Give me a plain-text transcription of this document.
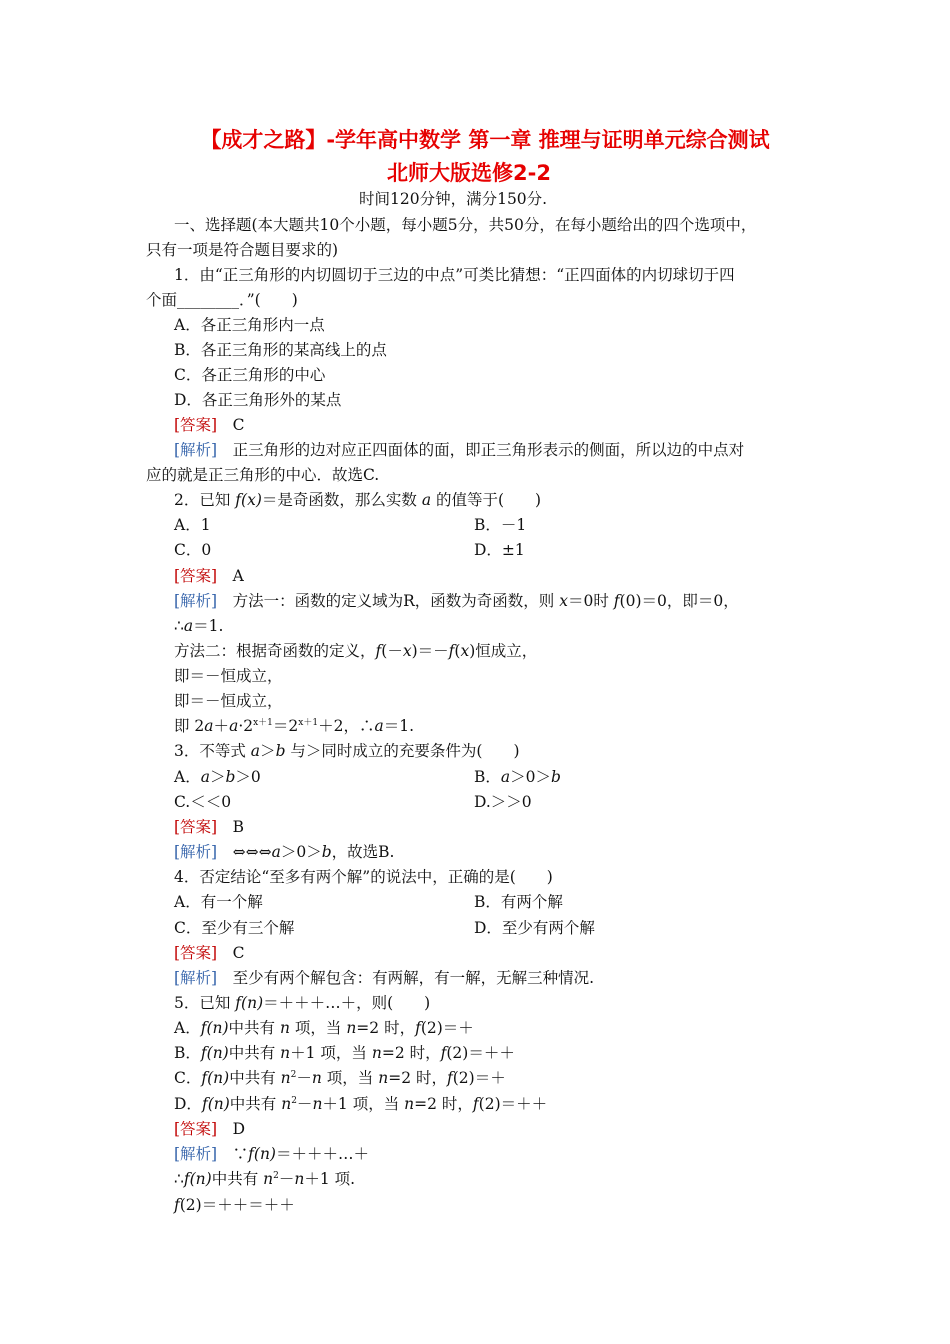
【成才之路】-学年高中数学 第一章 推理与证明单元综合测试
北师大版选修2-2
时间120分钟，满分150分.
一、选择题(本大题共10个小题，每小题5分，共50分，在每小题给出的四个选项中，
只有一项是符合题目要求的)
1．由“正三角形的内切圆切于三边的中点”可类比猜想：“正四面体的内切球切于四
个面________．”(　　)
A．各正三角形内一点
B．各正三角形的某高线上的点
C．各正三角形的中心
D．各正三角形外的某点
[答案]　 C
[解析]　 正三角形的边对应正四面体的面，即正三角形表示的侧面，所以边的中点对
应的就是正三角形的中心．故选C.
2．已知 f(x)＝是奇函数，那么实数 a 的值等于(　　)
A．1	B．－1
C．0	D．±1
[答案]　 A
[解析]　 方法一：函数的定义域为R，函数为奇函数，则 x＝0时 f(0)＝0，即＝0，
∴a＝1.
方法二：根据奇函数的定义，f(－x)＝－f(x)恒成立，
即＝－恒成立，
即＝－恒成立，
即 $2a+a\cdot 2^{x+1}=2^{x+1}+2$，∴a＝1.
3．不等式 a＞b 与＞同时成立的充要条件为(　　)
A．a＞b＞0	B．a＞0＞b
C.＜＜0	D.＞＞0
[答案]　 B
[解析]　 ⇔⇔⇔a＞0＞b，故选B.
4．否定结论“至多有两个解”的说法中，正确的是(　　)
A．有一个解	B．有两个解
C．至少有三个解	D．至少有两个解
[答案]　 C
[解析]　 至少有两个解包含：有两解，有一解，无解三种情况.
5．已知 f(n)＝＋＋＋…＋，则(　　)
A．f(n)中共有 n 项，当 n=2 时，f(2)＝＋
B．f(n)中共有 n＋1 项，当 n=2 时，f(2)＝＋＋
C．f(n)中共有 $n^2-n$ 项，当 n=2 时，f(2)＝＋
D．f(n)中共有 $n^2-n+1$ 项，当 n=2 时，f(2)＝＋＋
[答案]　 D
[解析]　 ∵f(n)＝＋＋＋…＋
∴f(n)中共有 $n^2-n+1$ 项.
f(2)＝＋＋＝＋＋
